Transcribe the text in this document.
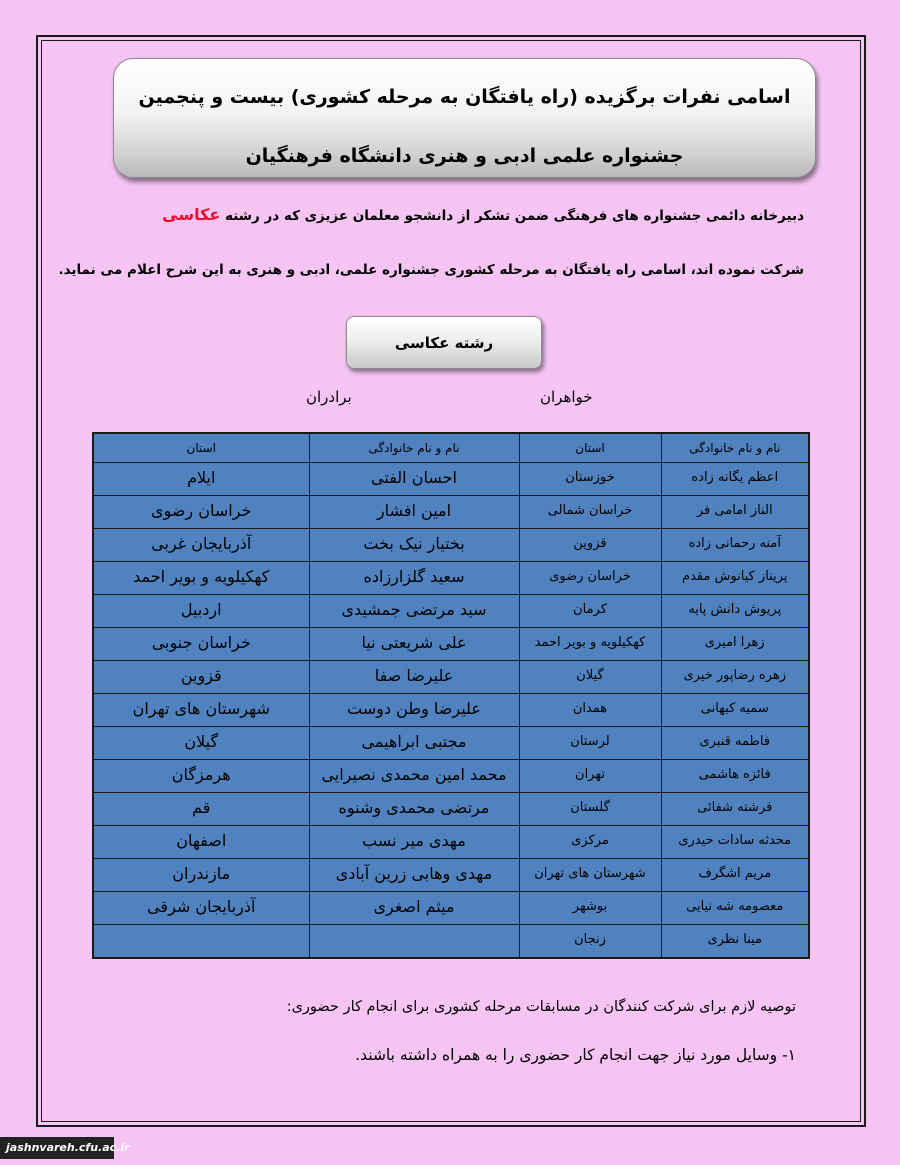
اسامی نفرات برگزیده (راه یافتگان به مرحله کشوری) بیست و پنجمین
جشنواره علمی ادبی و هنری دانشگاه فرهنگیان
دبیرخانه دائمی جشنواره های فرهنگی ضمن تشکر از دانشجو معلمان عزیزی که در رشته عکاسی
شرکت نموده اند، اسامی راه یافتگان به مرحله کشوری جشنواره علمی، ادبی و هنری به این شرح اعلام می نماید.
رشته عکاسی
خواهران
برادران
نام و نام خانوادگی	استان	نام و نام خانوادگی	استان
اعظم یگانه زاده	خوزستان	احسان الفتی	ایلام
الناز امامی فر	خراسان شمالی	امین افشار	خراسان رضوی
آمنه رحمانی زاده	قزوین	بختیار نیک بخت	آذربایجان غربی
پریناز کیانوش مقدم	خراسان رضوی	سعید گلزارزاده	کهکیلویه و بویر احمد
پریوش دانش پایه	کرمان	سید مرتضی جمشیدی	اردبیل
زهرا امیری	کهکیلویه و بویر احمد	علی شریعتی نیا	خراسان جنوبی
زهره رضاپور خیری	گیلان	علیرضا صفا	قزوین
سمیه کیهانی	همدان	علیرضا وطن دوست	شهرستان های تهران
فاطمه قنبری	لرستان	مجتبی ابراهیمی	گیلان
فائزه هاشمی	تهران	محمد امین محمدی نصیرایی	هرمزگان
فرشته شفائی	گلستان	مرتضی محمدی وشنوه	قم
محدثه سادات حیدری	مرکزی	مهدی میر نسب	اصفهان
مریم اشگرف	شهرستان های تهران	مهدی وهابی زرین آبادی	مازندران
معصومه شه نیایی	بوشهر	میثم اصغری	آذربایجان شرقی
مینا نظری	زنجان		
توصیه لازم برای شرکت کنندگان در مسابقات مرحله کشوری برای انجام کار حضوری:
۱- وسایل مورد نیاز جهت انجام کار حضوری را به همراه داشته باشند.
jashnvareh.cfu.ac.ir
